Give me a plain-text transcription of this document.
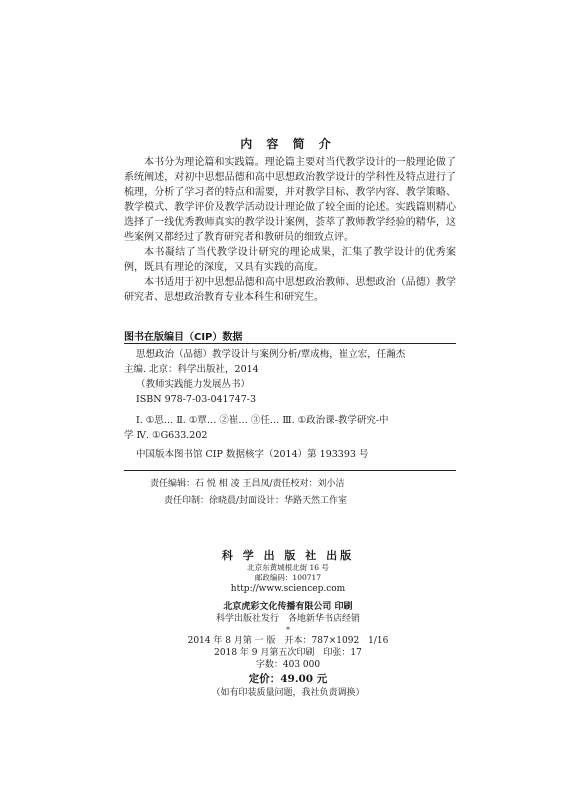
内 容 简 介

本书分为理论篇和实践篇。理论篇主要对当代教学设计的一般理论做了系统阐述，对初中思想品德和高中思想政治教学设计的学科性及特点进行了梳理，分析了学习者的特点和需要，并对教学目标、教学内容、教学策略、教学模式、教学评价及教学活动设计理论做了较全面的论述。实践篇则精心选择了一线优秀教师真实的教学设计案例，荟萃了教师教学经验的精华，这些案例又都经过了教育研究者和教研员的细致点评。

本书凝结了当代教学设计研究的理论成果，汇集了教学设计的优秀案例，既具有理论的深度，又具有实践的高度。

本书适用于初中思想品德和高中思想政治教师、思想政治（品德）教学研究者、思想政治教育专业本科生和研究生。

图书在版编目（CIP）数据
思想政治（品德）教学设计与案例分析/覃成梅，崔立宏，任瀚杰
主编. 北京：科学出版社，2014
（教师实践能力发展丛书）
ISBN 978-7-03-041747-3
Ⅰ. ①思… Ⅱ. ①覃… ②崔… ③任… Ⅲ. ①政治课-教学研究-中
学 Ⅳ. ①G633.202
中国版本图书馆 CIP 数据核字（2014）第 193393 号
责任编辑：石 悦 相 凌 王昌凤/责任校对：刘小洁
责任印制：徐晓晨/封面设计：华路天然工作室
科 学 出 版 社 出版
北京东黄城根北街 16 号
邮政编码：100717
http://www.sciencep.com
北京虎彩文化传播有限公司 印刷
科学出版社发行　各地新华书店经销
*
2014 年 8 月第 一 版　开本：787×1092　1/16
2018 年 9 月第五次印刷　印张：17
字数：403 000
定价：49.00 元
（如有印装质量问题，我社负责调换）
